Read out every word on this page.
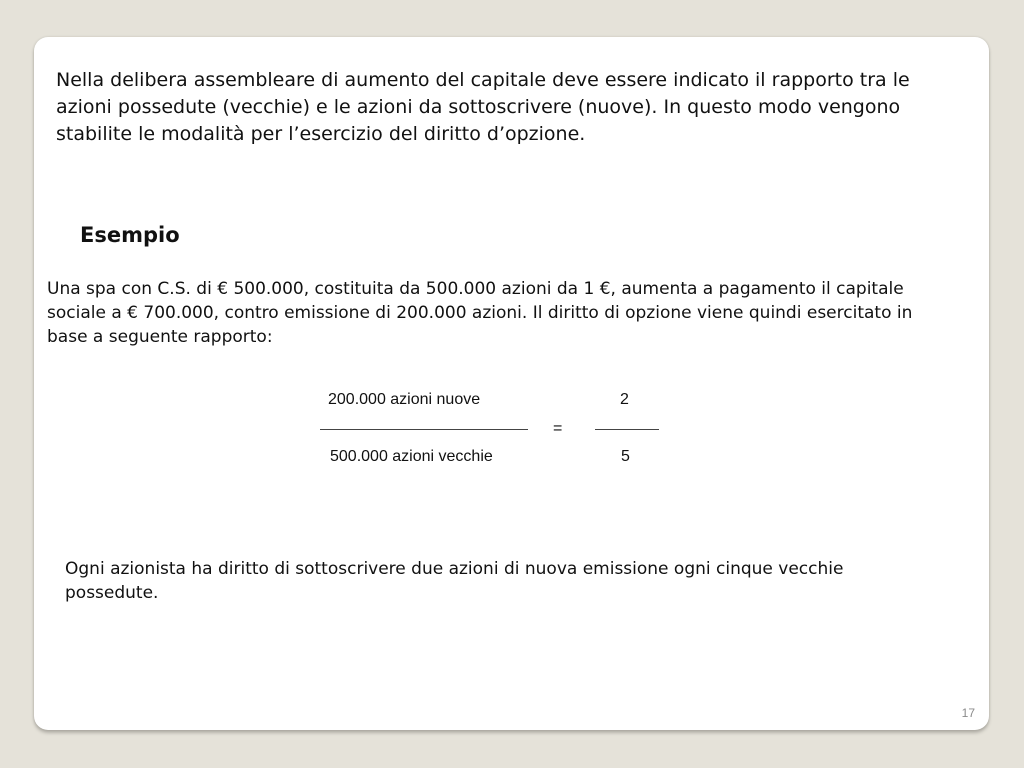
Nella delibera assembleare di aumento del capitale deve essere indicato il rapporto tra le azioni possedute (vecchie) e le azioni da sottoscrivere (nuove). In questo modo vengono stabilite le modalità per l’esercizio del diritto d’opzione.

Esempio

Una spa con C.S. di € 500.000, costituita da 500.000 azioni da 1 €, aumenta a pagamento il capitale sociale a € 700.000, contro emissione di 200.000 azioni. Il diritto di opzione viene quindi esercitato in base a seguente rapporto:

200.000 azioni nuove
500.000 azioni vecchie
=
2
5

Ogni azionista ha diritto di sottoscrivere due azioni di nuova emissione ogni cinque vecchie possedute.

17
